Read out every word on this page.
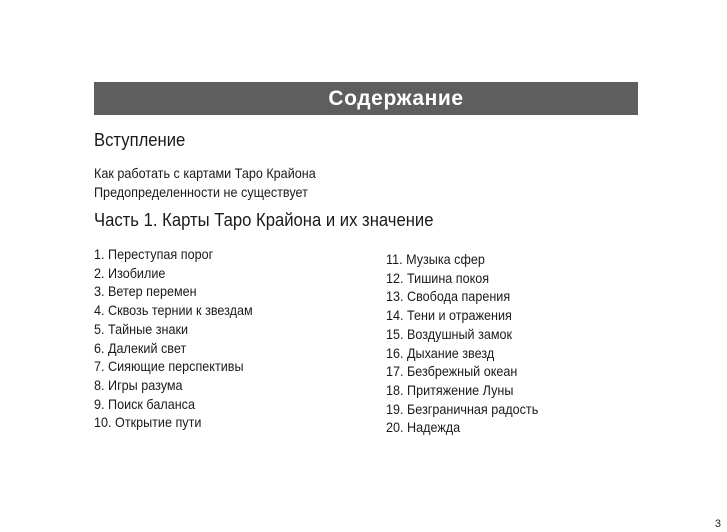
Содержание
Вступление
Как работать с картами Таро Крайона
Предопределенности не существует
Часть 1. Карты Таро Крайона и их значение
1. Переступая порог
2. Изобилие
3. Ветер перемен
4. Сквозь тернии к звездам
5. Тайные знаки
6. Далекий свет
7. Сияющие перспективы
8. Игры разума
9. Поиск баланса
10. Открытие пути
11. Музыка сфер
12. Тишина покоя
13. Свобода парения
14. Тени и отражения
15. Воздушный замок
16. Дыхание звезд
17. Безбрежный океан
18. Притяжение Луны
19. Безграничная радость
20. Надежда
3
